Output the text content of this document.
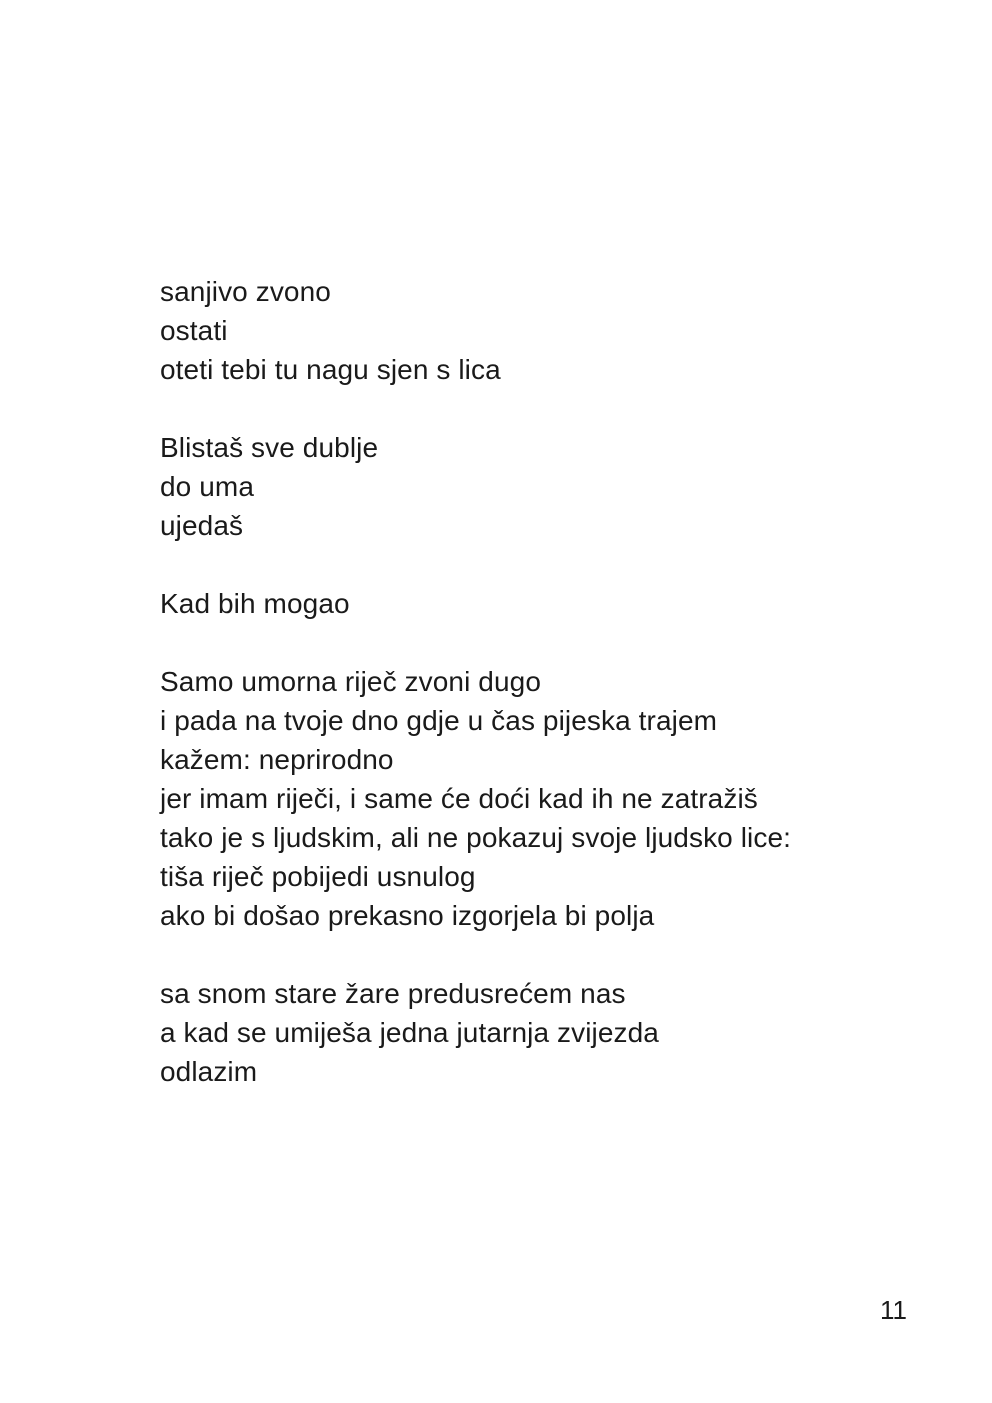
sanjivo zvono
ostati
oteti tebi tu nagu sjen s lica
Blistaš sve dublje
do uma
ujedaš
Kad bih mogao
Samo umorna riječ zvoni dugo
i pada na tvoje dno gdje u čas pijeska trajem
kažem: neprirodno
jer imam riječi, i same će doći kad ih ne zatražiš
tako je s ljudskim, ali ne pokazuj svoje ljudsko lice:
tiša riječ pobijedi usnulog
ako bi došao prekasno izgorjela bi polja
sa snom stare žare predusrećem nas
a kad se umiješa jedna jutarnja zvijezda
odlazim
11
